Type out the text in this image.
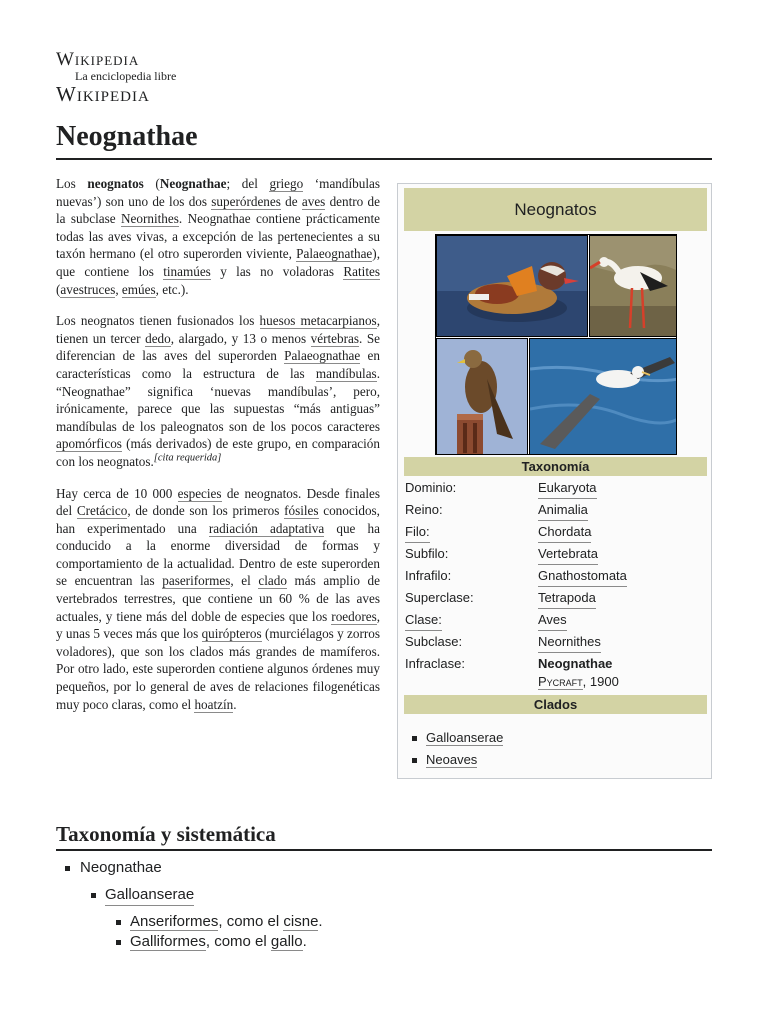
Wikipedia
La enciclopedia libre
Wikipedia
Neognathae

Los neognatos (Neognathae; del griego ‘mandíbulas nuevas’) son uno de los dos superórdenes de aves dentro de la subclase Neornithes. Neognathae contiene prácticamente todas las aves vivas, a excepción de las pertenecientes a su taxón hermano (el otro superorden viviente, Palaeognathae), que contiene los tinamúes y las no voladoras Ratites (avestruces, emúes, etc.).

Los neognatos tienen fusionados los huesos metacarpianos, tienen un tercer dedo, alargado, y 13 o menos vértebras. Se diferencian de las aves del superorden Palaeognathae en características como la estructura de las mandíbulas. “Neognathae” significa ‘nuevas mandíbulas’, pero, irónicamente, parece que las supuestas “más antiguas” mandíbulas de los paleognatos son de los pocos caracteres apomórficos (más derivados) de este grupo, en comparación con los neognatos.[cita requerida]

Hay cerca de 10 000 especies de neognatos. Desde finales del Cretácico, de donde son los primeros fósiles conocidos, han experimentado una radiación adaptativa que ha conducido a la enorme diversidad de formas y comportamiento de la actualidad. Dentro de este superorden se encuentran las paseriformes, el clado más amplio de vertebrados terrestres, que contiene un 60 % de las aves actuales, y tiene más del doble de especies que los roedores, y unas 5 veces más que los quirópteros (murciélagos y zorros voladores), que son los clados más grandes de mamíferos. Por otro lado, este superorden contiene algunos órdenes muy pequeños, por lo general de aves de relaciones filogenéticas muy poco claras, como el hoatzín.

Neognatos
Taxonomía
Dominio:	Eukaryota
Reino:	Animalia
Filo:	Chordata
Subfilo:	Vertebrata
Infrafilo:	Gnathostomata
Superclase:	Tetrapoda
Clase:	Aves
Subclase:	Neornithes
Infraclase:	Neognathae
Pycraft, 1900
Clados
Galloanserae
Neoaves
Taxonomía y sistemática
Neognathae
Galloanserae
Anseriformes, como el cisne.
Galliformes, como el gallo.
